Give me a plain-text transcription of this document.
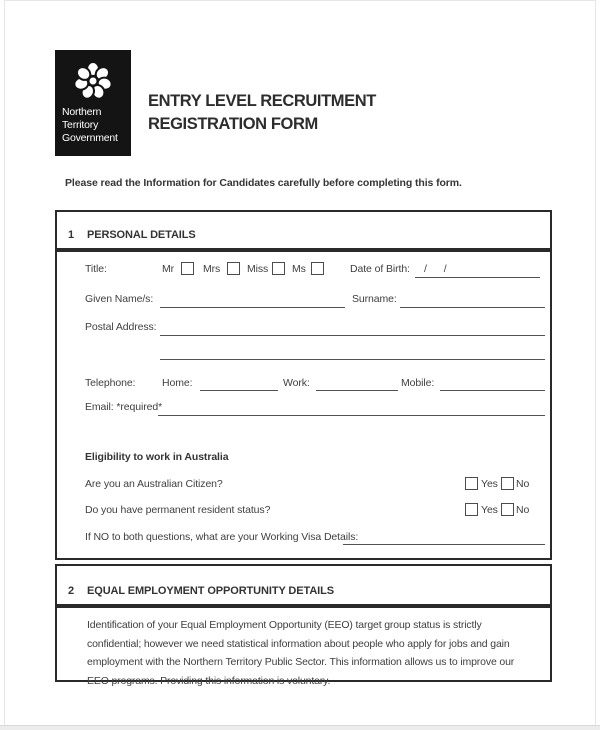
Northern
Territory
Government
ENTRY LEVEL RECRUITMENT
REGISTRATION FORM
Please read the Information for Candidates carefully before completing this form.
1 PERSONAL DETAILS
Title:	Mr	Mrs	Miss Ms	Date of Birth: /      /
Given Name/s:	Surname:
Postal Address:
Telephone:	Home:	Work:	Mobile:
Email: *required*
Eligibility to work in Australia
Are you an Australian Citizen?	Yes No
Do you have permanent resident status?	Yes No
If NO to both questions, what are your Working Visa Details:
2 EQUAL EMPLOYMENT OPPORTUNITY DETAILS
Identification of your Equal Employment Opportunity (EEO) target group status is strictly confidential; however we need statistical information about people who apply for jobs and gain employment with the Northern Territory Public Sector. This information allows us to improve our EEO programs. Providing this information is voluntary.
